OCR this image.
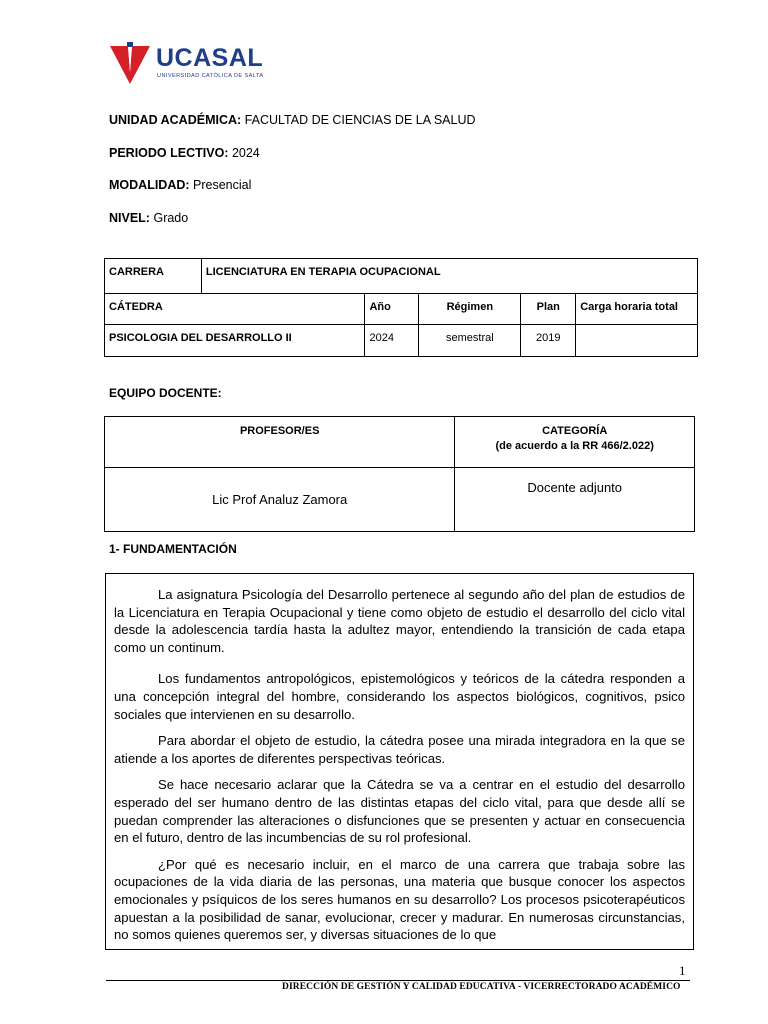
UCASAL
UNIVERSIDAD CATÓLICA DE SALTA
UNIDAD ACADÉMICA: FACULTAD DE CIENCIAS DE LA SALUD
PERIODO LECTIVO: 2024
MODALIDAD: Presencial
NIVEL: Grado
CARRERA	LICENCIATURA EN TERAPIA OCUPACIONAL				
CÁTEDRA		Año	Régimen	Plan	Carga horaria total
PSICOLOGIA DEL DESARROLLO II		2024	semestral	2019	
EQUIPO DOCENTE:
PROFESOR/ES	CATEGORÍA
(de acuerdo a la RR 466/2.022)

Lic Prof Analuz Zamora	Docente adjunto
1- FUNDAMENTACIÓN

La asignatura Psicología del Desarrollo pertenece al segundo año del plan de estudios de la Licenciatura en Terapia Ocupacional y tiene como objeto de estudio el desarrollo del ciclo vital desde la adolescencia tardía hasta la adultez mayor, entendiendo la transición de cada etapa como un continum.

Los fundamentos antropológicos, epistemológicos y teóricos de la cátedra responden a una concepción integral del hombre, considerando los aspectos biológicos, cognitivos, psico sociales que intervienen en su desarrollo.

Para abordar el objeto de estudio, la cátedra posee una mirada integradora en la que se atiende a los aportes de diferentes perspectivas teóricas.

Se hace necesario aclarar que la Cátedra se va a centrar en el estudio del desarrollo esperado del ser humano dentro de las distintas etapas del ciclo vital, para que desde allí se puedan comprender las alteraciones o disfunciones que se presenten y actuar en consecuencia en el futuro, dentro de las incumbencias de su rol profesional.

¿Por qué es necesario incluir, en el marco de una carrera que trabaja sobre las ocupaciones de la vida diaria de las personas, una materia que busque conocer los aspectos emocionales y psíquicos de los seres humanos en su desarrollo? Los procesos psicoterapéuticos apuestan a la posibilidad de sanar, evolucionar, crecer y madurar. En numerosas circunstancias, no somos quienes queremos ser, y diversas situaciones de lo que

1
DIRECCIÓN DE GESTIÓN Y CALIDAD EDUCATIVA - VICERRECTORADO ACADÉMICO
